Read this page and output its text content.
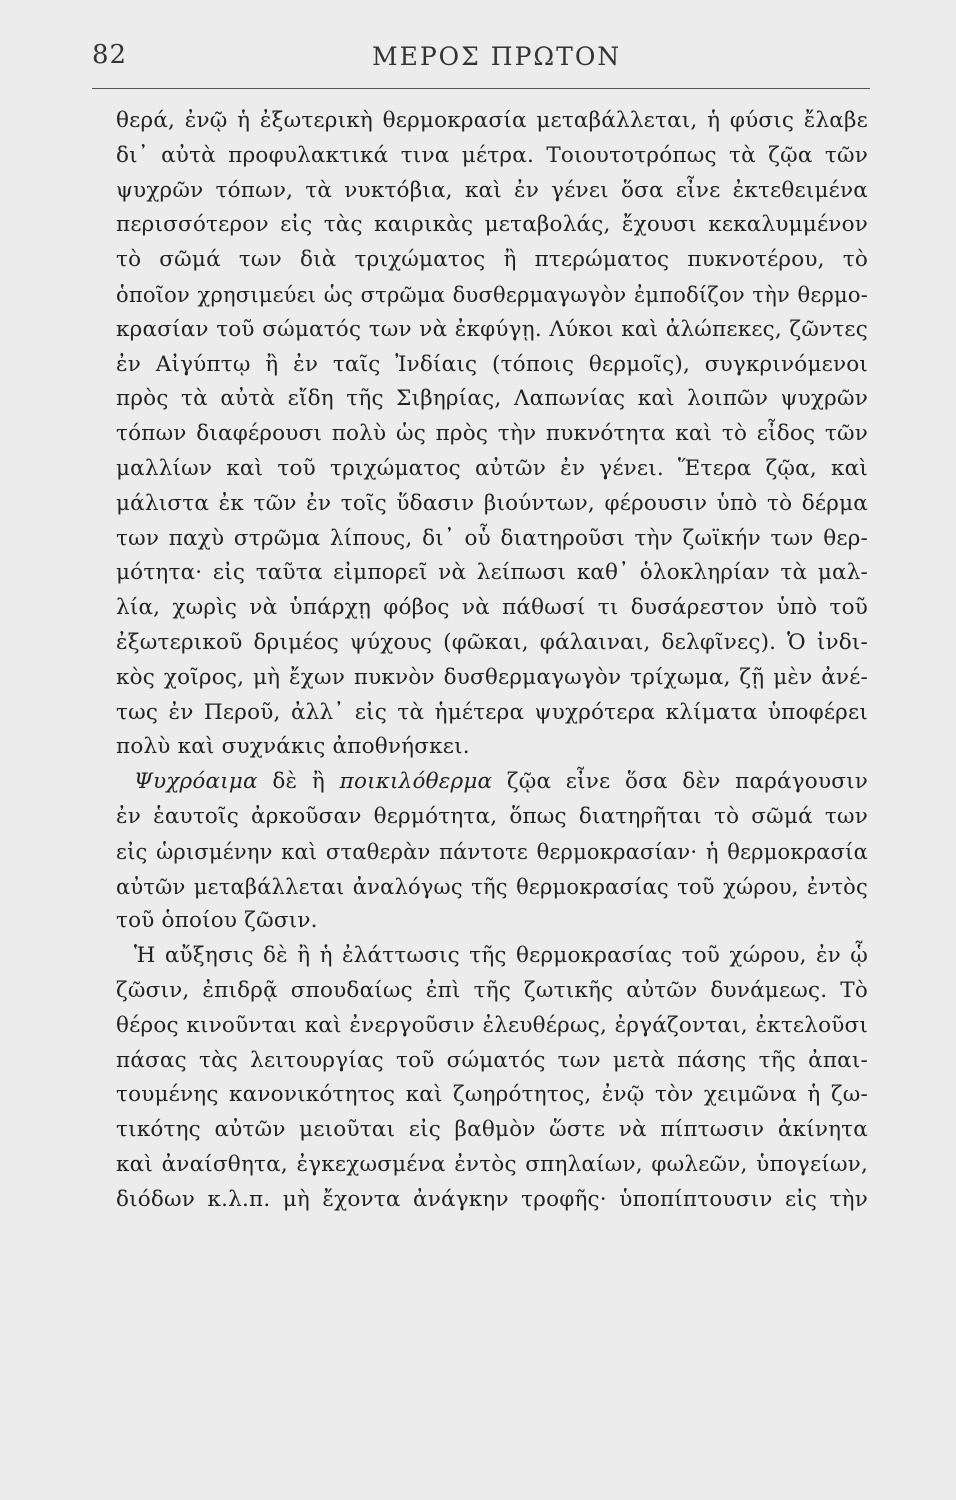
82	ΜΕΡΟΣ ΠΡΩΤΟΝ
θερά, ἐνῷ ἡ ἐξωτερικὴ θερμοκρασία μεταβάλλεται, ἡ φύσις ἔλαβε
δι᾽ αὐτὰ προφυλακτικά τινα μέτρα. Τοιουτοτρόπως τὰ ζῷα τῶν
ψυχρῶν τόπων, τὰ νυκτόβια, καὶ ἐν γένει ὅσα εἶνε ἐκτεθειμένα
περισσότερον εἰς τὰς καιρικὰς μεταβολάς, ἔχουσι κεκαλυμμένον
τὸ σῶμά των διὰ τριχώματος ἢ πτερώματος πυκνοτέρου, τὸ
ὁποῖον χρησιμεύει ὡς στρῶμα δυσθερμαγωγὸν ἐμποδίζον τὴν θερμο-
κρασίαν τοῦ σώματός των νὰ ἐκφύγῃ. Λύκοι καὶ ἀλώπεκες, ζῶντες
ἐν Αἰγύπτῳ ἢ ἐν ταῖς Ἰνδίαις (τόποις θερμοῖς), συγκρινόμενοι
πρὸς τὰ αὐτὰ εἴδη τῆς Σιβηρίας, Λαπωνίας καὶ λοιπῶν ψυχρῶν
τόπων διαφέρουσι πολὺ ὡς πρὸς τὴν πυκνότητα καὶ τὸ εἶδος τῶν
μαλλίων καὶ τοῦ τριχώματος αὐτῶν ἐν γένει. Ἕτερα ζῷα, καὶ
μάλιστα ἐκ τῶν ἐν τοῖς ὕδασιν βιούντων, φέρουσιν ὑπὸ τὸ δέρμα
των παχὺ στρῶμα λίπους, δι᾽ οὗ διατηροῦσι τὴν ζωϊκήν των θερ-
μότητα· εἰς ταῦτα εἰμπορεῖ νὰ λείπωσι καθ᾽ ὁλοκληρίαν τὰ μαλ-
λία, χωρὶς νὰ ὑπάρχῃ φόβος νὰ πάθωσί τι δυσάρεστον ὑπὸ τοῦ
ἐξωτερικοῦ δριμέος ψύχους (φῶκαι, φάλαιναι, δελφῖνες). Ὁ ἰνδι-
κὸς χοῖρος, μὴ ἔχων πυκνὸν δυσθερμαγωγὸν τρίχωμα, ζῇ μὲν ἀνέ-
τως ἐν Περοῦ, ἀλλ᾽ εἰς τὰ ἡμέτερα ψυχρότερα κλίματα ὑποφέρει
πολὺ καὶ συχνάκις ἀποθνήσκει.
Ψυχρόαιμα δὲ ἢ ποικιλόθερμα ζῷα εἶνε ὅσα δὲν παράγουσιν
ἐν ἑαυτοῖς ἀρκοῦσαν θερμότητα, ὅπως διατηρῆται τὸ σῶμά των
εἰς ὡρισμένην καὶ σταθερὰν πάντοτε θερμοκρασίαν· ἡ θερμοκρασία
αὐτῶν μεταβάλλεται ἀναλόγως τῆς θερμοκρασίας τοῦ χώρου, ἐντὸς
τοῦ ὁποίου ζῶσιν.
Ἡ αὔξησις δὲ ἢ ἡ ἐλάττωσις τῆς θερμοκρασίας τοῦ χώρου, ἐν ᾧ
ζῶσιν, ἐπιδρᾷ σπουδαίως ἐπὶ τῆς ζωτικῆς αὐτῶν δυνάμεως. Τὸ
θέρος κινοῦνται καὶ ἐνεργοῦσιν ἐλευθέρως, ἐργάζονται, ἐκτελοῦσι
πάσας τὰς λειτουργίας τοῦ σώματός των μετὰ πάσης τῆς ἀπαι-
τουμένης κανονικότητος καὶ ζωηρότητος, ἐνῷ τὸν χειμῶνα ἡ ζω-
τικότης αὐτῶν μειοῦται εἰς βαθμὸν ὥστε νὰ πίπτωσιν ἀκίνητα
καὶ ἀναίσθητα, ἐγκεχωσμένα ἐντὸς σπηλαίων, φωλεῶν, ὑπογείων,
διόδων κ.λ.π. μὴ ἔχοντα ἀνάγκην τροφῆς· ὑποπίπτουσιν εἰς τὴν
